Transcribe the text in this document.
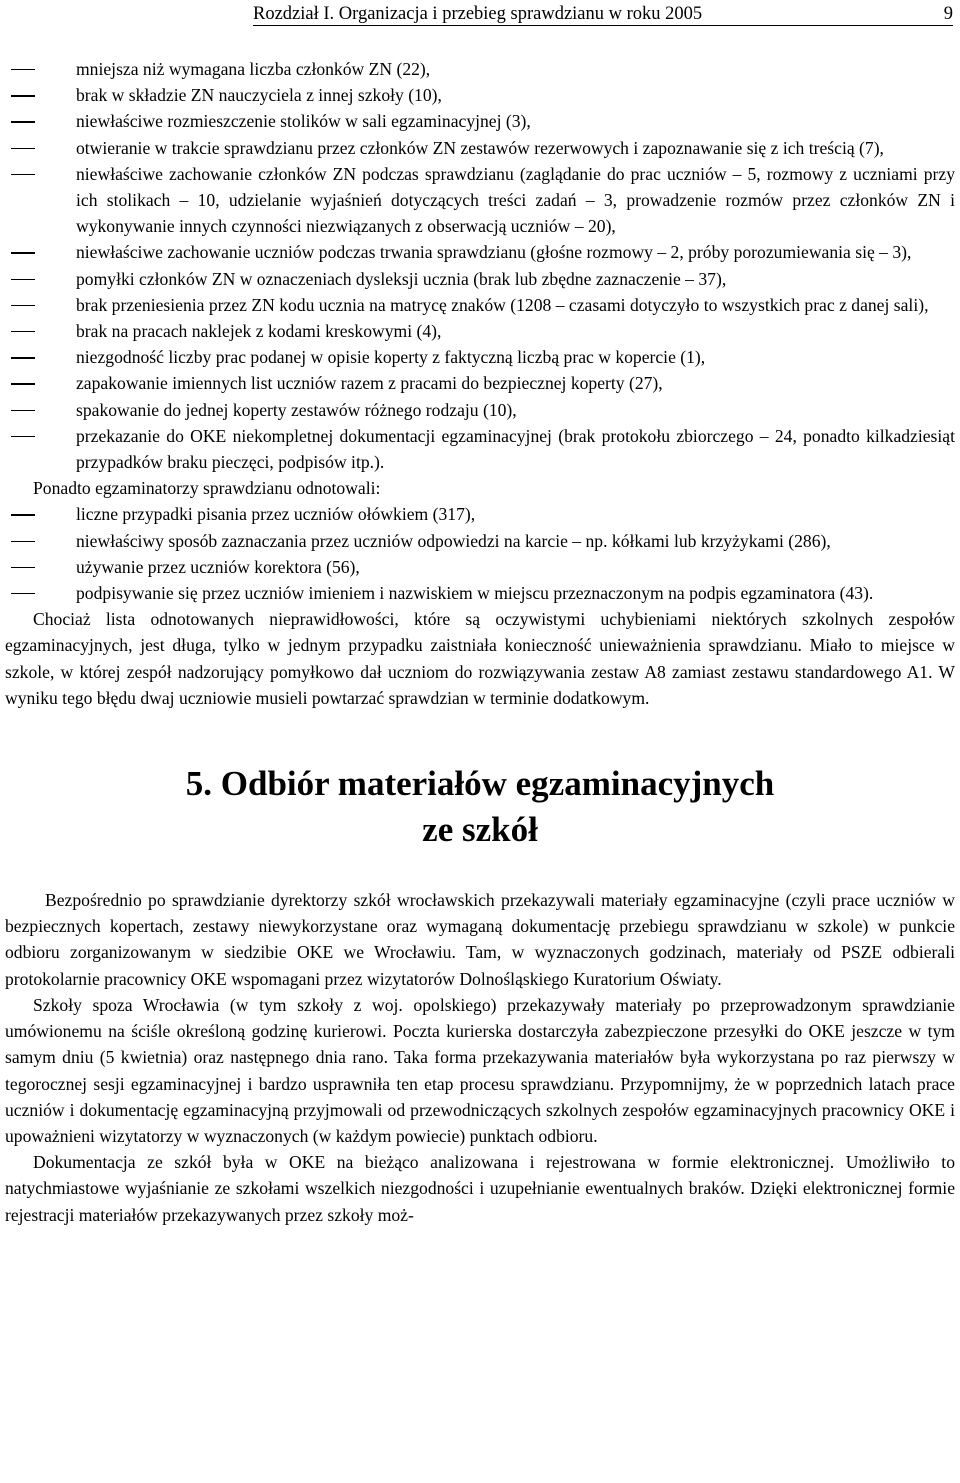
Rozdział I. Organizacja i przebieg sprawdzianu w roku 2005	9
mniejsza niż wymagana liczba członków ZN (22),
brak w składzie ZN nauczyciela z innej szkoły (10),
niewłaściwe rozmieszczenie stolików w sali egzaminacyjnej (3),
otwieranie w trakcie sprawdzianu przez członków ZN zestawów rezerwowych i zapoznawanie się z ich treścią (7),
niewłaściwe zachowanie członków ZN podczas sprawdzianu (zaglądanie do prac uczniów – 5, rozmowy z uczniami przy ich stolikach – 10, udzielanie wyjaśnień dotyczących treści zadań – 3, prowadzenie rozmów przez członków ZN i wykonywanie innych czynności niezwiązanych z obserwacją uczniów – 20),
niewłaściwe zachowanie uczniów podczas trwania sprawdzianu (głośne rozmowy – 2, próby porozumiewania się – 3),
pomyłki członków ZN w oznaczeniach dysleksji ucznia (brak lub zbędne zaznaczenie – 37),
brak przeniesienia przez ZN kodu ucznia na matrycę znaków (1208 – czasami dotyczyło to wszystkich prac z danej sali),
brak na pracach naklejek z kodami kreskowymi (4),
niezgodność liczby prac podanej w opisie koperty z faktyczną liczbą prac w kopercie (1),
zapakowanie imiennych list uczniów razem z pracami do bezpiecznej koperty (27),
spakowanie do jednej koperty zestawów różnego rodzaju (10),
przekazanie do OKE niekompletnej dokumentacji egzaminacyjnej (brak protokołu zbiorczego – 24, ponadto kilkadziesiąt przypadków braku pieczęci, podpisów itp.).

Ponadto egzaminatorzy sprawdzianu odnotowali:

liczne przypadki pisania przez uczniów ołówkiem (317),
niewłaściwy sposób zaznaczania przez uczniów odpowiedzi na karcie – np. kółkami lub krzyżykami (286),
używanie przez uczniów korektora (56),
podpisywanie się przez uczniów imieniem i nazwiskiem w miejscu przeznaczonym na podpis egzaminatora (43).

Chociaż lista odnotowanych nieprawidłowości, które są oczywistymi uchybieniami niektórych szkolnych zespołów egzaminacyjnych, jest długa, tylko w jednym przypadku zaistniała konieczność unieważnienia sprawdzianu. Miało to miejsce w szkole, w której zespół nadzorujący pomyłkowo dał uczniom do rozwiązywania zestaw A8 zamiast zestawu standardowego A1. W wyniku tego błędu dwaj uczniowie musieli powtarzać sprawdzian w terminie dodatkowym.

5. Odbiór materiałów egzaminacyjnych
ze szkół

Bezpośrednio po sprawdzianie dyrektorzy szkół wrocławskich przekazywali materiały egzaminacyjne (czyli prace uczniów w bezpiecznych kopertach, zestawy niewykorzystane oraz wymaganą dokumentację przebiegu sprawdzianu w szkole) w punkcie odbioru zorganizowanym w siedzibie OKE we Wrocławiu. Tam, w wyznaczonych godzinach, materiały od PSZE odbierali protokolarnie pracownicy OKE wspomagani przez wizytatorów Dolnośląskiego Kuratorium Oświaty.

Szkoły spoza Wrocławia (w tym szkoły z woj. opolskiego) przekazywały materiały po przeprowadzonym sprawdzianie umówionemu na ściśle określoną godzinę kurierowi. Poczta kurierska dostarczyła zabezpieczone przesyłki do OKE jeszcze w tym samym dniu (5 kwietnia) oraz następnego dnia rano. Taka forma przekazywania materiałów była wykorzystana po raz pierwszy w tegorocznej sesji egzaminacyjnej i bardzo usprawniła ten etap procesu sprawdzianu. Przypomnijmy, że w poprzednich latach prace uczniów i dokumentację egzaminacyjną przyjmowali od przewodniczących szkolnych zespołów egzaminacyjnych pracownicy OKE i upoważnieni wizytatorzy w wyznaczonych (w każdym powiecie) punktach odbioru.

Dokumentacja ze szkół była w OKE na bieżąco analizowana i rejestrowana w formie elektronicznej. Umożliwiło to natychmiastowe wyjaśnianie ze szkołami wszelkich niezgodności i uzupełnianie ewentualnych braków. Dzięki elektronicznej formie rejestracji materiałów przekazywanych przez szkoły moż-
